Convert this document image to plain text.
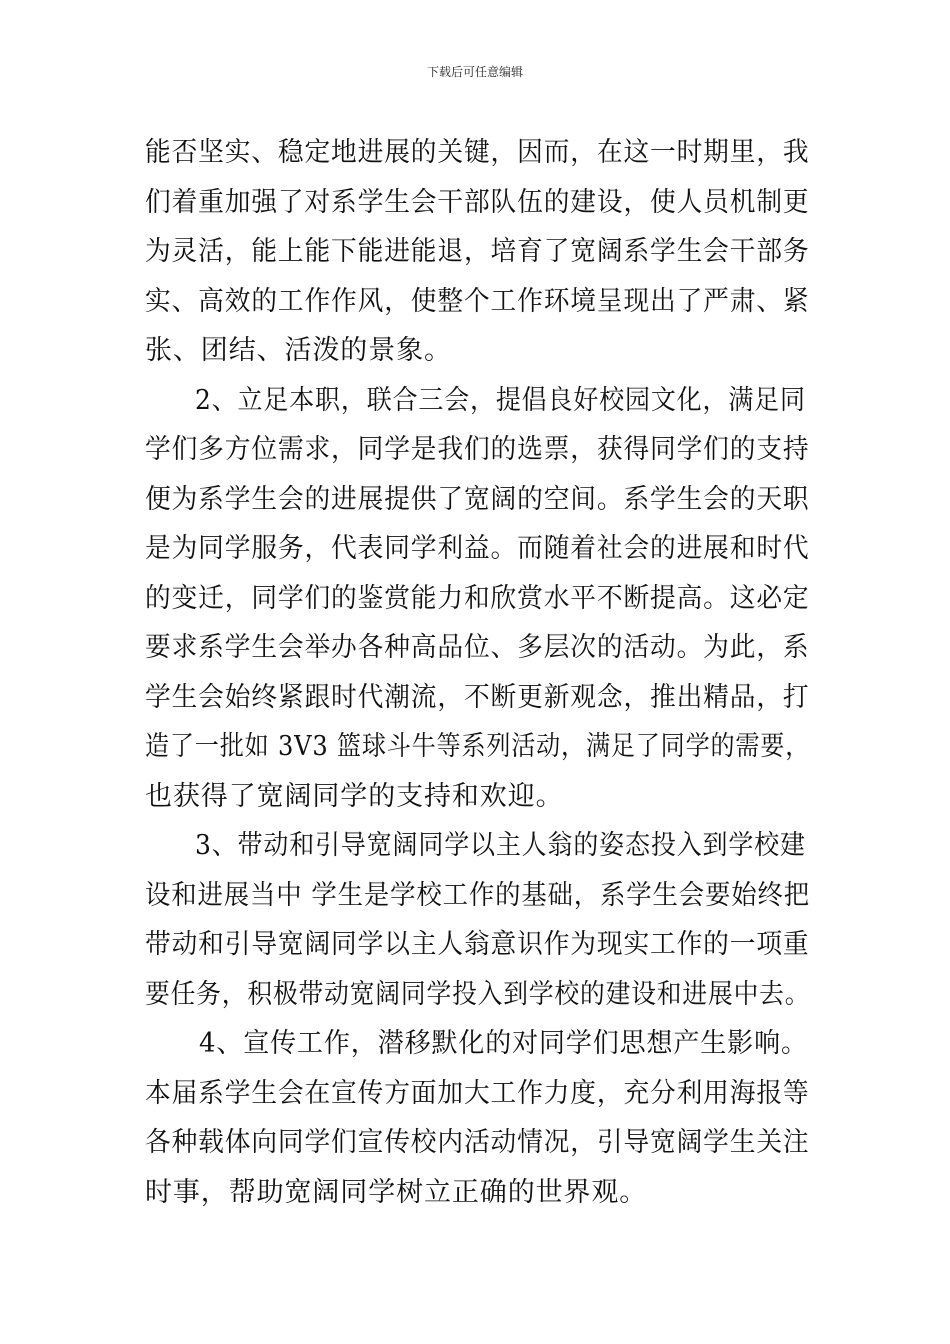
下载后可任意编辑
能否坚实、稳定地进展的关键，因而，在这一时期里，我
们着重加强了对系学生会干部队伍的建设，使人员机制更
为灵活，能上能下能进能退，培育了宽阔系学生会干部务
实、高效的工作作风，使整个工作环境呈现出了严肃、紧
张、团结、活泼的景象。
2、立足本职，联合三会，提倡良好校园文化，满足同
学们多方位需求，同学是我们的选票，获得同学们的支持
便为系学生会的进展提供了宽阔的空间。系学生会的天职
是为同学服务，代表同学利益。而随着社会的进展和时代
的变迁，同学们的鉴赏能力和欣赏水平不断提高。这必定
要求系学生会举办各种高品位、多层次的活动。为此，系
学生会始终紧跟时代潮流，不断更新观念，推出精品，打
造了一批如 3V3 篮球斗牛等系列活动，满足了同学的需要，
也获得了宽阔同学的支持和欢迎。
3、带动和引导宽阔同学以主人翁的姿态投入到学校建
设和进展当中 学生是学校工作的基础，系学生会要始终把
带动和引导宽阔同学以主人翁意识作为现实工作的一项重
要任务，积极带动宽阔同学投入到学校的建设和进展中去。
4、宣传工作，潜移默化的对同学们思想产生影响。
本届系学生会在宣传方面加大工作力度，充分利用海报等
各种载体向同学们宣传校内活动情况，引导宽阔学生关注
时事，帮助宽阔同学树立正确的世界观。
